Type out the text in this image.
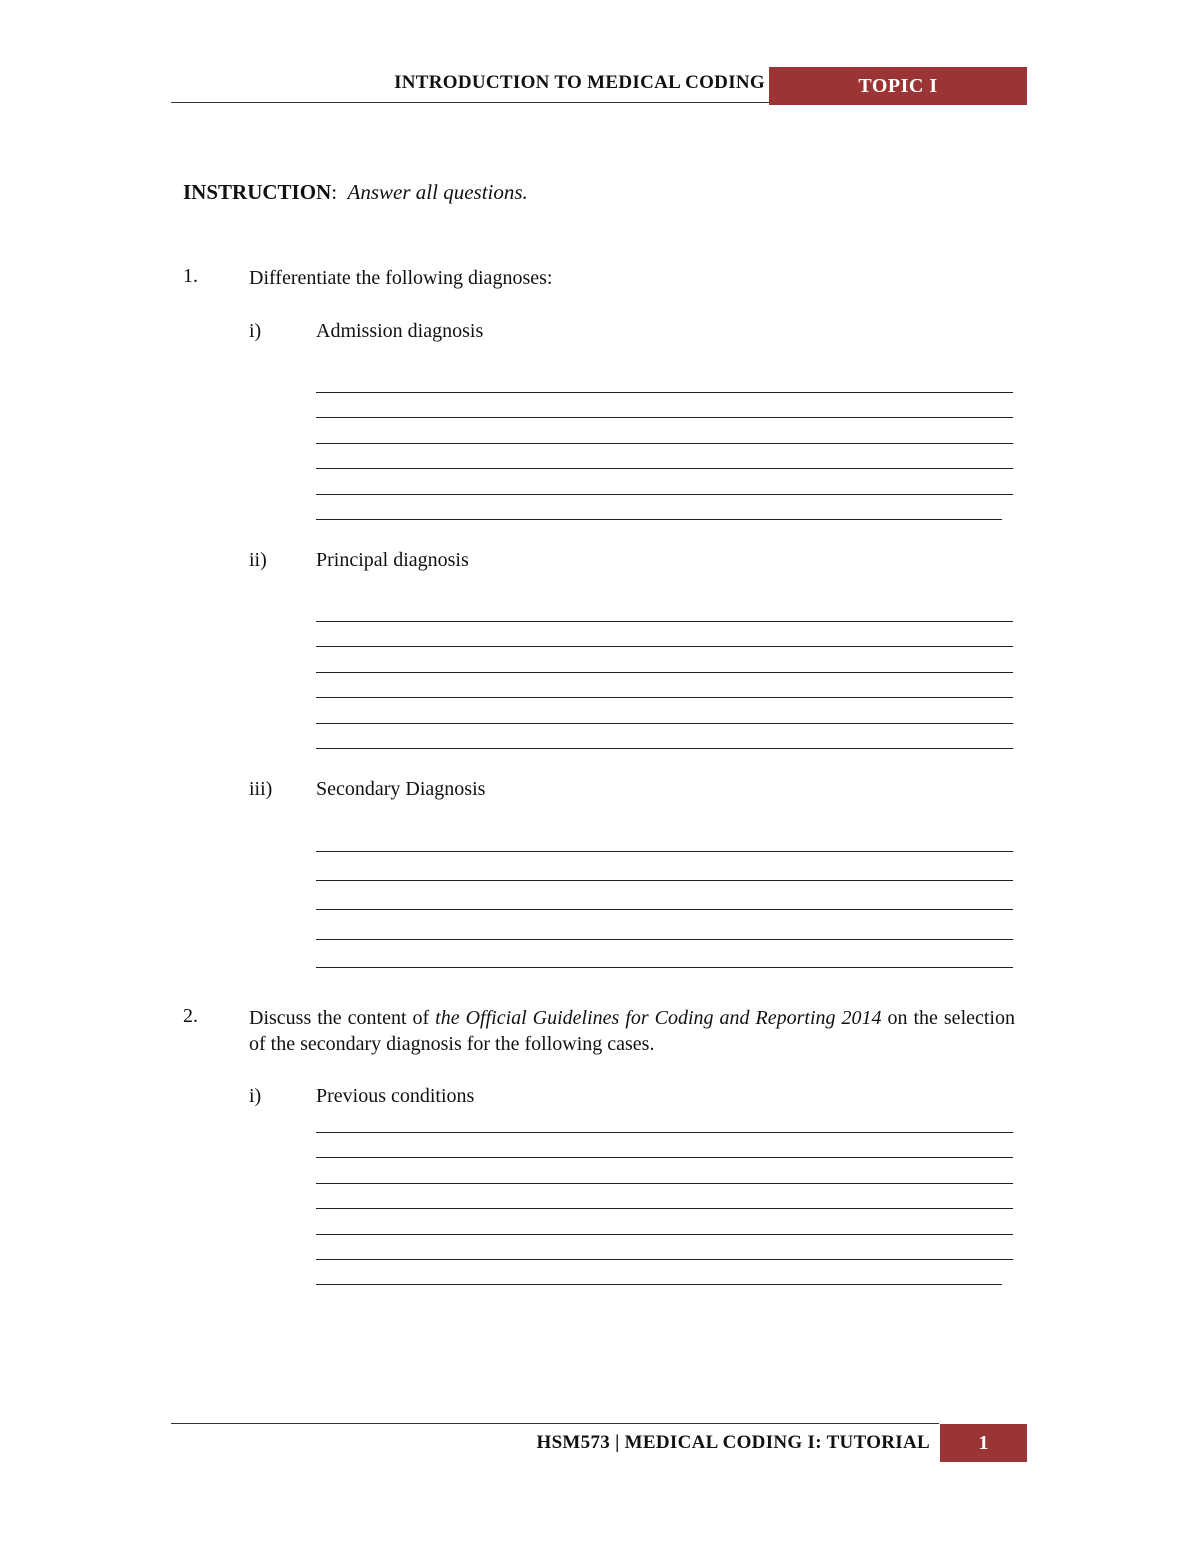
INTRODUCTION TO MEDICAL CODING	TOPIC I
INSTRUCTION: Answer all questions.
1.	Differentiate the following diagnoses:
i)	Admission diagnosis
ii) Principal diagnosis
iii) Secondary Diagnosis
2.	Discuss the content of the Official Guidelines for Coding and Reporting 2014 on the selection of the secondary diagnosis for the following cases.
i)	Previous conditions
HSM573 | MEDICAL CODING I: TUTORIAL	1
